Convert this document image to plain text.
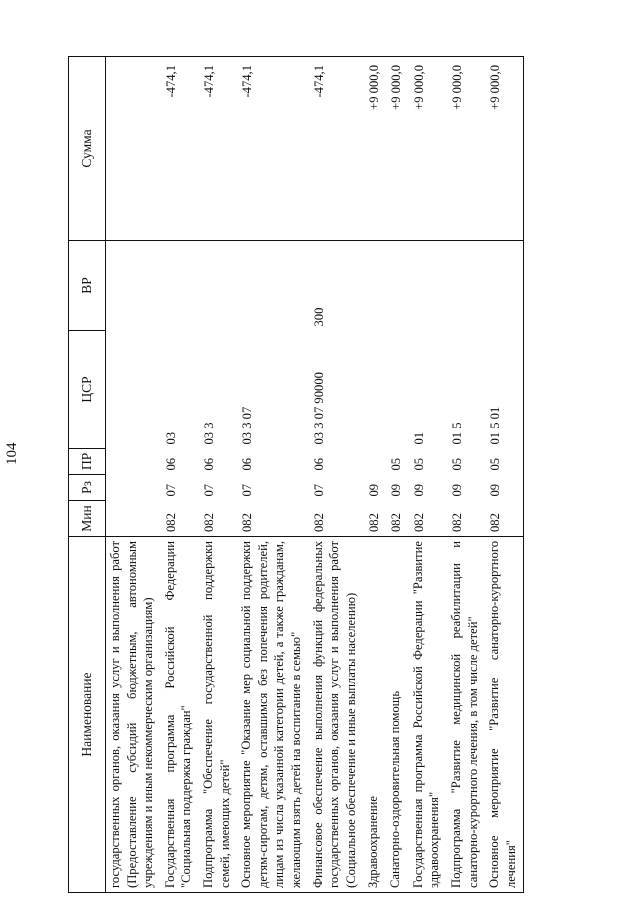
104
Наименование	Мин	Рз	ПР	ЦСР	ВР	Сумма

государственных органов, оказания услуг и выполнения работ (Предоставление субсидий бюджетным, автономным учреждениям и иным некоммерческим организациям)						

Государственная программа Российской Федерации "Социальная поддержка граждан"	082	07	06	03		-474,1

Подпрограмма "Обеспечение государственной поддержки семей, имеющих детей"	082	07	06	03 3		-474,1

Основное мероприятие "Оказание мер социальной поддержки детям-сиротам, детям, оставшимся без попечения родителей, лицам из числа указанной категории детей, а также гражданам, желающим взять детей на воспитание в семью"	082	07	06	03 3 07		-474,1

Финансовое обеспечение выполнения функций федеральных государственных органов, оказания услуг и выполнения работ (Социальное обеспечение и иные выплаты населению)	082	07	06	03 3 07 90000	300	-474,1

Здравоохранение	082	09				+9 000,0

Санаторно-оздоровительная помощь	082	09	05			+9 000,0

Государственная программа Российской Федерации "Развитие здравоохранения"	082	09	05	01		+9 000,0

Подпрограмма "Развитие медицинской реабилитации и санаторно-курортного лечения, в том числе детей"	082	09	05	01 5		+9 000,0

Основное мероприятие "Развитие санаторно-курортного лечения"	082	09	05	01 5 01		+9 000,0
